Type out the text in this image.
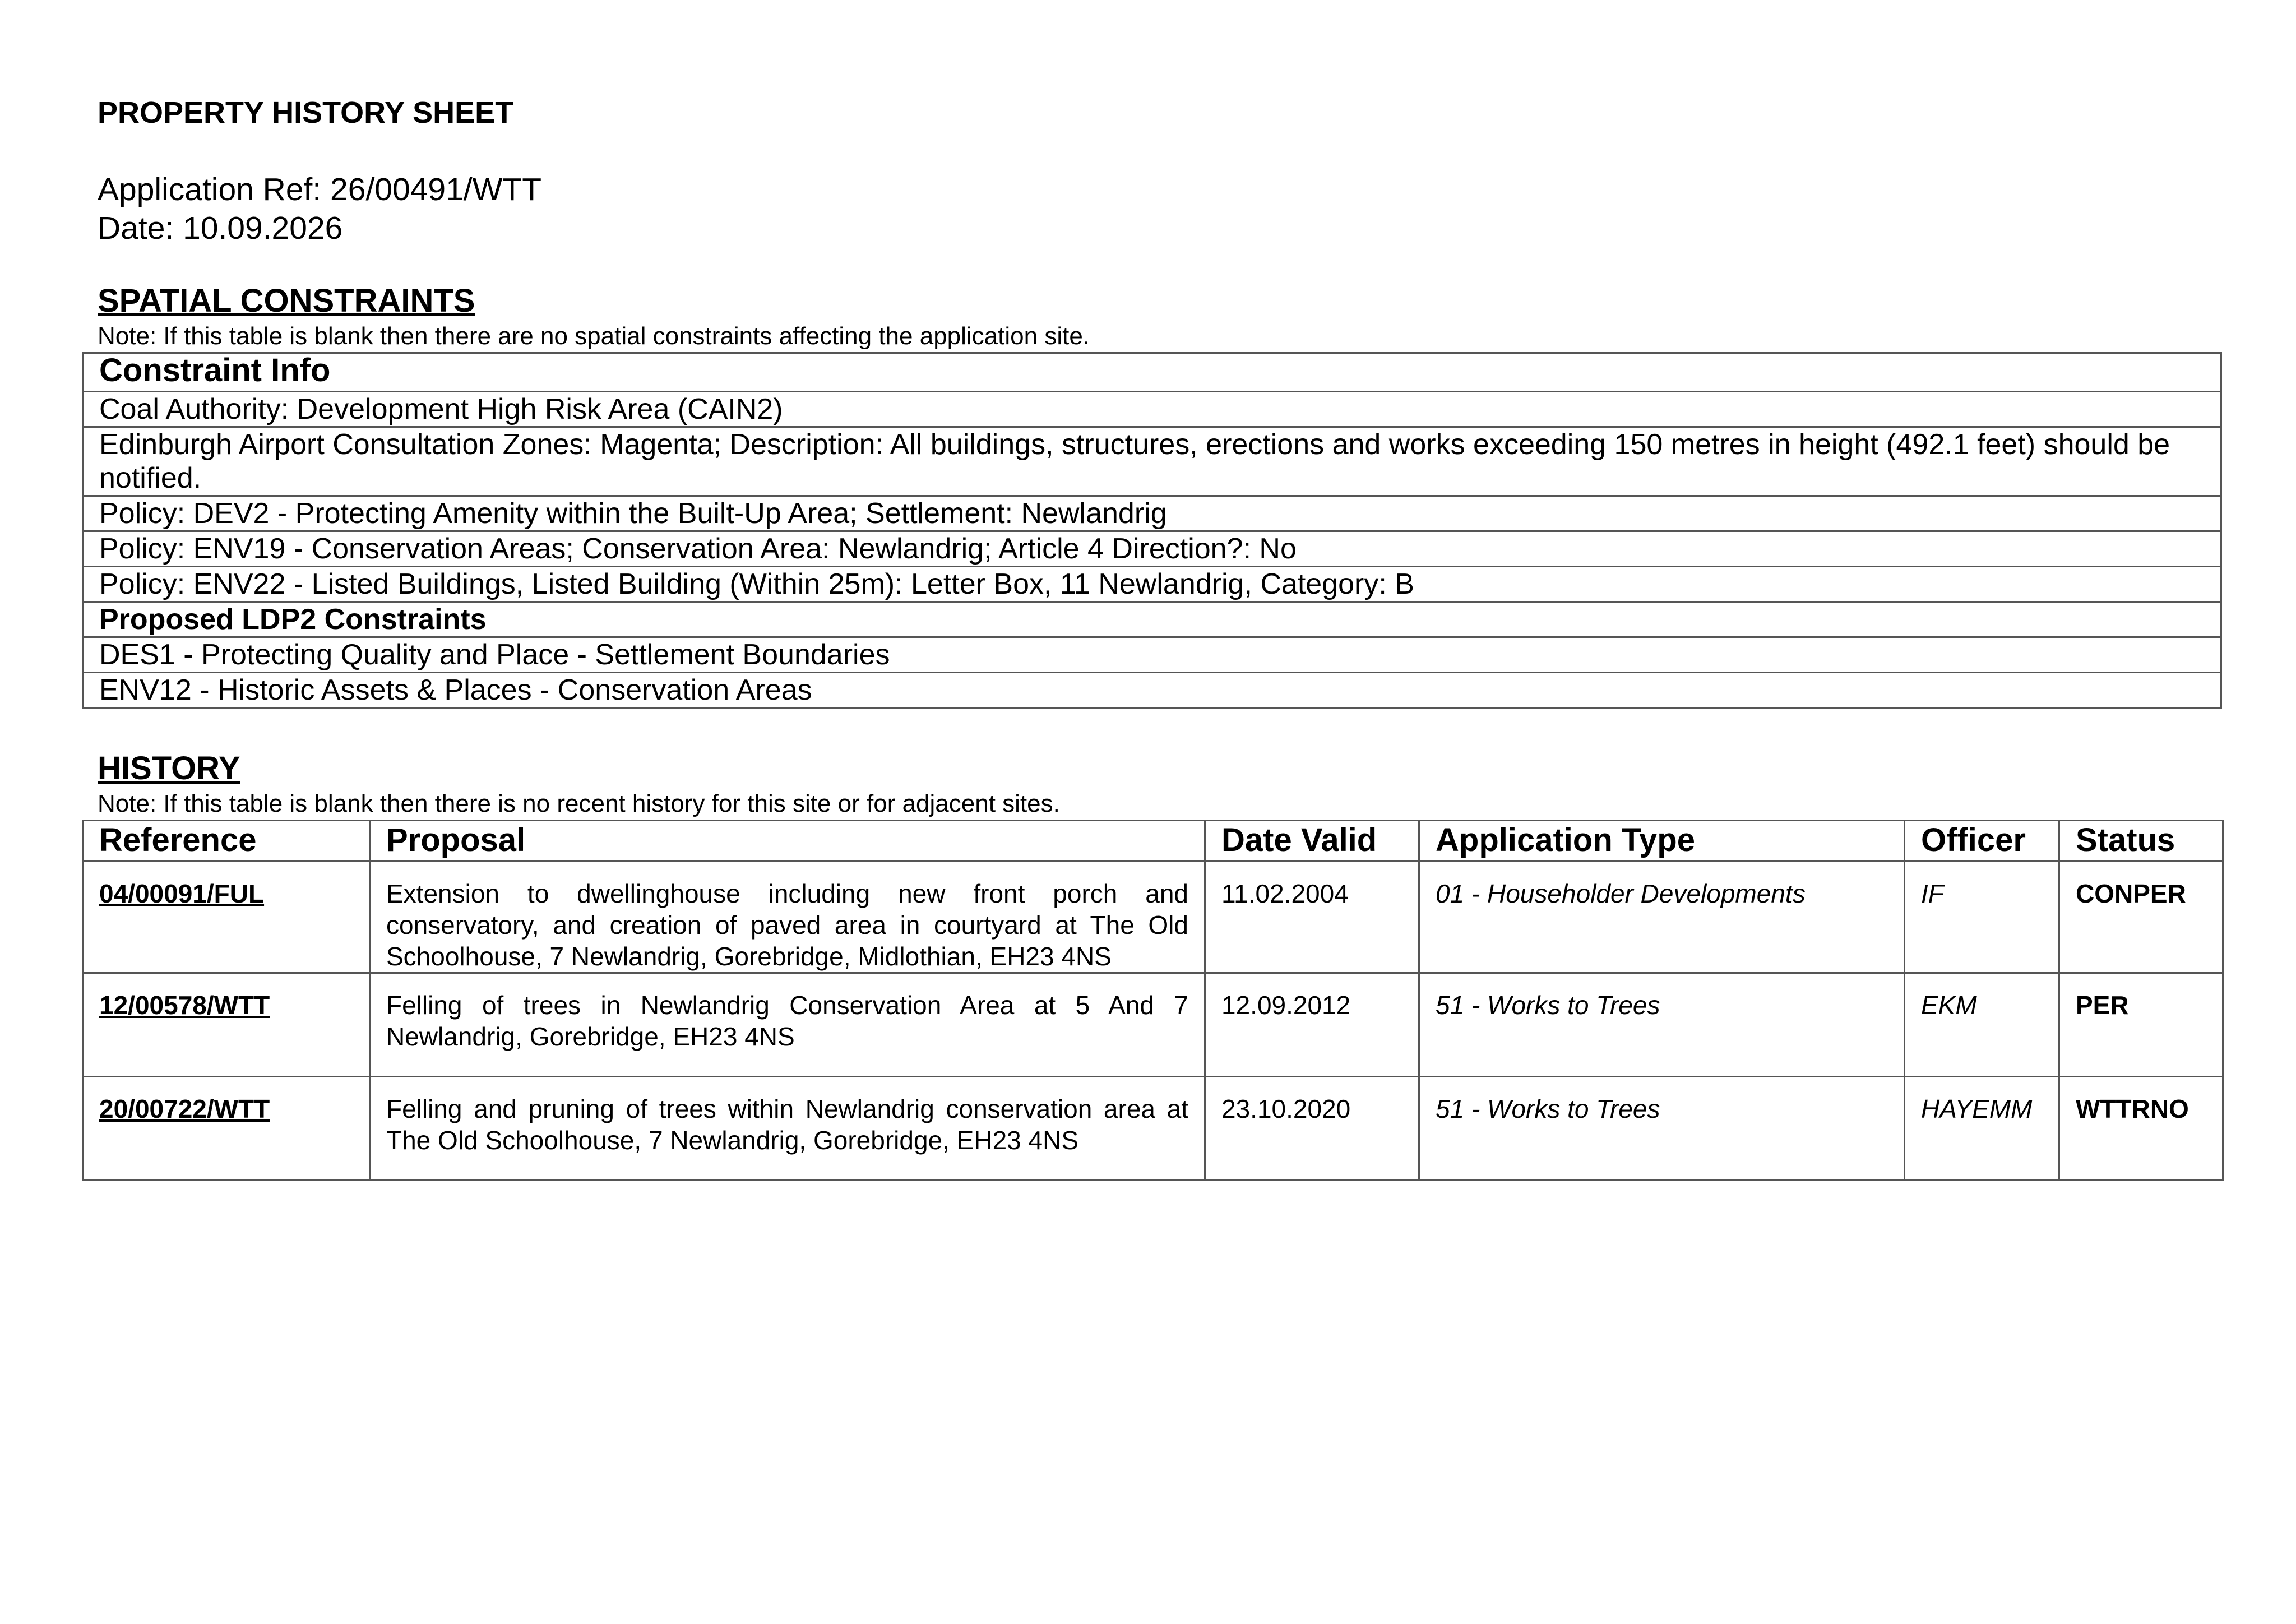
PROPERTY HISTORY SHEET
Application Ref: 26/00491/WTT
Date: 10.09.2026
SPATIAL CONSTRAINTS
Note: If this table is blank then there are no spatial constraints affecting the application site.
Constraint Info
Coal Authority: Development High Risk Area (CAIN2)
Edinburgh Airport Consultation Zones: Magenta; Description: All buildings, structures, erections and works exceeding 150 metres in height (492.1 feet) should be notified.
Policy: DEV2 - Protecting Amenity within the Built-Up Area; Settlement: Newlandrig
Policy: ENV19 - Conservation Areas; Conservation Area: Newlandrig; Article 4 Direction?: No
Policy: ENV22 - Listed Buildings, Listed Building (Within 25m): Letter Box, 11 Newlandrig, Category: B
Proposed LDP2 Constraints
DES1 - Protecting Quality and Place - Settlement Boundaries
ENV12 - Historic Assets & Places - Conservation Areas
HISTORY
Note: If this table is blank then there is no recent history for this site or for adjacent sites.
Reference	Proposal	Date Valid	Application Type	Officer	Status
04/00091/FUL	Extension to dwellinghouse including new front porch and conservatory, and creation of paved area in courtyard at The Old Schoolhouse, 7 Newlandrig, Gorebridge, Midlothian, EH23 4NS	11.02.2004	01 - Householder Developments	IF	CONPER
12/00578/WTT	Felling of trees in Newlandrig Conservation Area at 5 And 7 Newlandrig, Gorebridge, EH23 4NS	12.09.2012	51 - Works to Trees	EKM	PER
20/00722/WTT	Felling and pruning of trees within Newlandrig conservation area at The Old Schoolhouse, 7 Newlandrig, Gorebridge, EH23 4NS	23.10.2020	51 - Works to Trees	HAYEMM	WTTRNO
